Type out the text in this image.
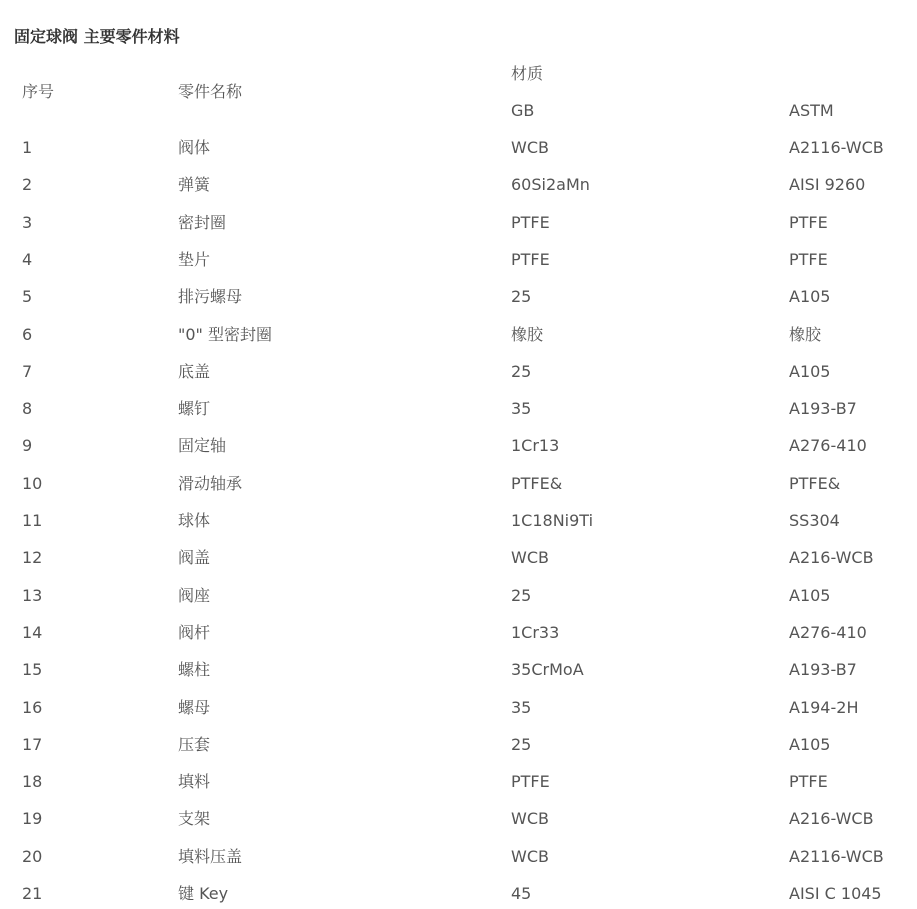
固定球阀 主要零件材料
序号	零件名称
材质
GB	ASTM
1	阀体	WCB	A2116-WCB
2	弹簧	60Si2aMn	AISI 9260
3	密封圈	PTFE	PTFE
4	垫片	PTFE	PTFE
5	排污螺母	25	A105
6	"0" 型密封圈	橡胶	橡胶
7	底盖	25	A105
8	螺钉	35	A193-B7
9	固定轴	1Cr13	A276-410
10	滑动轴承	PTFE&	PTFE&
11	球体	1C18Ni9Ti	SS304
12	阀盖	WCB	A216-WCB
13	阀座	25	A105
14	阀杆	1Cr33	A276-410
15	螺柱	35CrMoA	A193-B7
16	螺母	35	A194-2H
17	压套	25	A105
18	填料	PTFE	PTFE
19	支架	WCB	A216-WCB
20	填料压盖	WCB	A2116-WCB
21	键 Key	45	AISI C 1045
